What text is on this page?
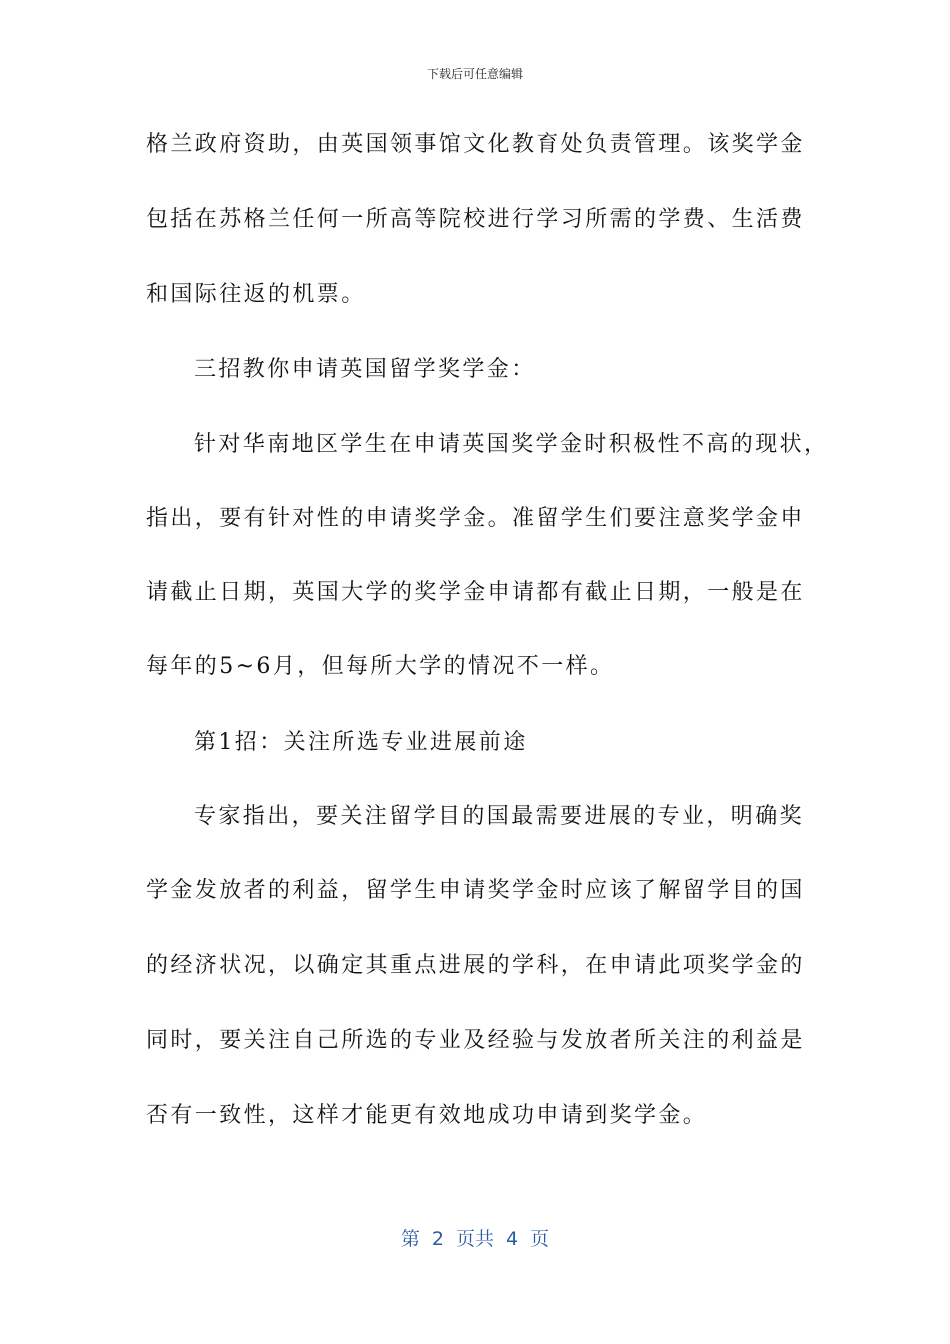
下载后可任意编辑
格兰政府资助，由英国领事馆文化教育处负责管理。该奖学金
包括在苏格兰任何一所高等院校进行学习所需的学费、生活费
和国际往返的机票。
三招教你申请英国留学奖学金：
针对华南地区学生在申请英国奖学金时积极性不高的现状，
指出，要有针对性的申请奖学金。准留学生们要注意奖学金申
请截止日期，英国大学的奖学金申请都有截止日期，一般是在
每年的5~6月，但每所大学的情况不一样。
第1招：关注所选专业进展前途
专家指出，要关注留学目的国最需要进展的专业，明确奖
学金发放者的利益，留学生申请奖学金时应该了解留学目的国
的经济状况，以确定其重点进展的学科，在申请此项奖学金的
同时，要关注自己所选的专业及经验与发放者所关注的利益是
否有一致性，这样才能更有效地成功申请到奖学金。
第 2 页共 4 页
